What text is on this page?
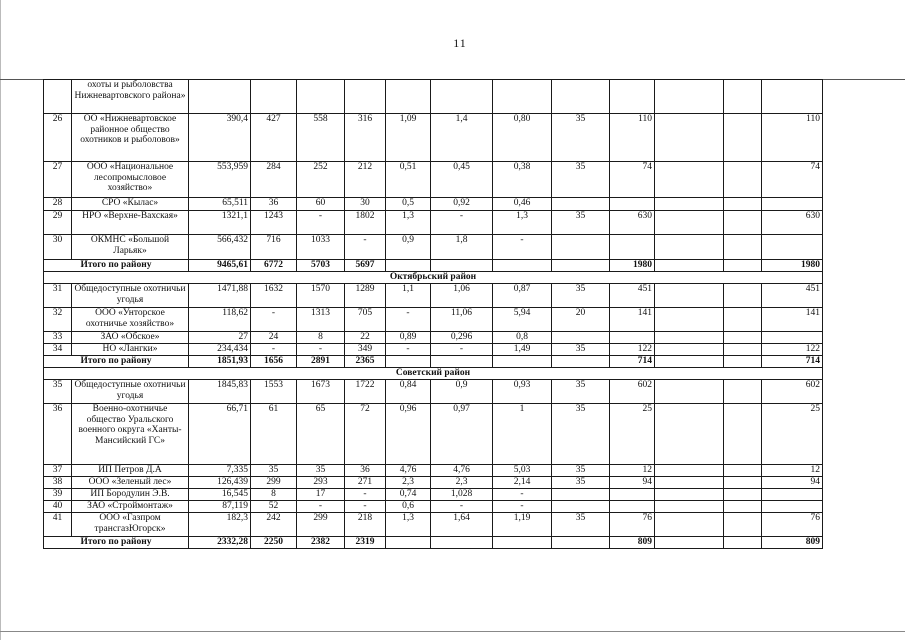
11
	охоты и рыболовства Нижневартовского района»												
26	ОО «Нижневартовское районное общество охотников и рыболовов»	390,4	427	558	316	1,09	1,4	0,80	35	110			110
27	ООО «Национальное лесопромысловое хозяйство»	553,959	284	252	212	0,51	0,45	0,38	35	74			74
28	СРО «Кылас»	65,511	36	60	30	0,5	0,92	0,46					
29	НРО «Верхне-Вахская»	1321,1	1243	-	1802	1,3	-	1,3	35	630			630
30	ОКМНС «Большой Ларьяк»	566,432	716	1033	-	0,9	1,8	-					
Итого по району		9465,61	6772	5703	5697					1980			1980
Октябрьский район													
31	Общедоступные охотничьи угодья	1471,88	1632	1570	1289	1,1	1,06	0,87	35	451			451
32	ООО «Унторское охотничье хозяйство»	118,62	-	1313	705	-	11,06	5,94	20	141			141
33	ЗАО «Обское»	27	24	8	22	0,89	0,296	0,8					
34	НО «Лангки»	234,434	-	-	349	-	-	1,49	35	122			122
Итого по району		1851,93	1656	2891	2365					714			714
Советский район													
35	Общедоступные охотничьи угодья	1845,83	1553	1673	1722	0,84	0,9	0,93	35	602			602
36	Военно-охотничье общество Уральского военного округа «Ханты-Мансийский ГС»	66,71	61	65	72	0,96	0,97	1	35	25			25
37	ИП Петров Д.А	7,335	35	35	36	4,76	4,76	5,03	35	12			12
38	ООО «Зеленый лес»	126,439	299	293	271	2,3	2,3	2,14	35	94			94
39	ИП Бородулин Э.В.	16,545	8	17	-	0,74	1,028	-					
40	ЗАО «Строймонтаж»	87,119	52	-	-	0,6	-	-					
41	ООО «Газпром трансгазЮгорск»	182,3	242	299	218	1,3	1,64	1,19	35	76			76
Итого по району		2332,28	2250	2382	2319					809			809
